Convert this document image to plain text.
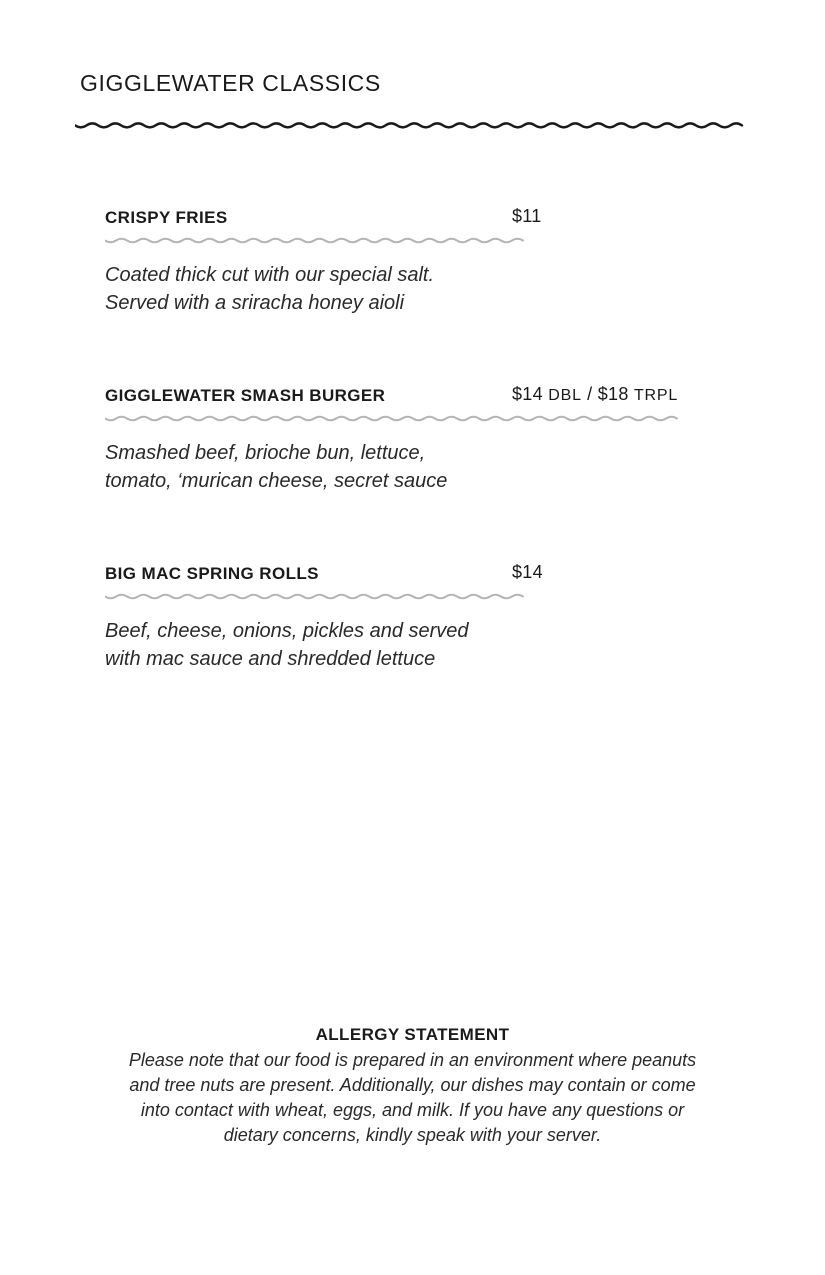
GIGGLEWATER CLASSICS
CRISPY FRIES	$11
Coated thick cut with our special salt.
Served with a sriracha honey aioli
GIGGLEWATER SMASH BURGER	$14 DBL / $18 TRPL
Smashed beef, brioche bun, lettuce,
tomato, ‘murican cheese, secret sauce
BIG MAC SPRING ROLLS	$14
Beef, cheese, onions, pickles and served
with mac sauce and shredded lettuce
ALLERGY STATEMENT
Please note that our food is prepared in an environment where peanuts
and tree nuts are present. Additionally, our dishes may contain or come
into contact with wheat, eggs, and milk. If you have any questions or
dietary concerns, kindly speak with your server.
